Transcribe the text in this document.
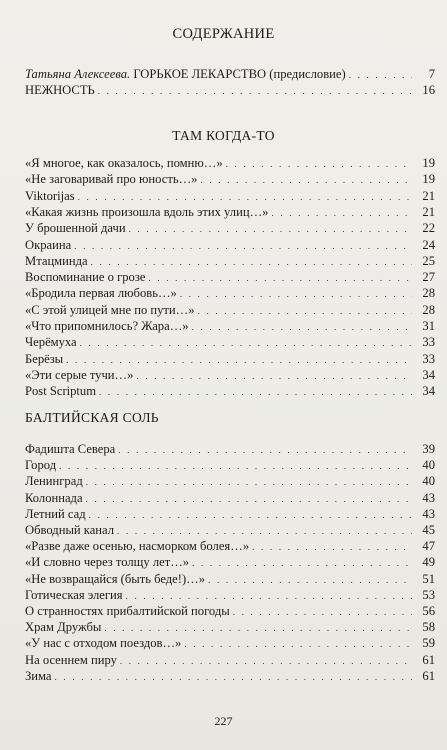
СОДЕРЖАНИЕ
Татьяна Алексеева. ГОРЬКОЕ ЛЕКАРСТВО (предисловие) . . .	7
НЕЖНОСТЬ . . .	16
ТАМ КОГДА-ТО
«Я многое, как оказалось, помню…» . . .	19
«Не заговаривай про юность…» . . .	19
Viktorijas . . .	21
«Какая жизнь произошла вдоль этих улиц…» . . .	21
У брошенной дачи . . .	22
Окраина . . .	24
Мтацминда . . .	25
Воспоминание о грозе . . .	27
«Бродила первая любовь…» . . .	28
«С этой улицей мне по пути…» . . .	28
«Что припомнилось? Жара…» . . .	31
Черёмуха . . .	33
Берёзы . . .	33
«Эти серые тучи…» . . .	34
Post Scriptum . . .	34
БАЛТИЙСКАЯ СОЛЬ
Фадишта Севера . . .	39
Город . . .	40
Ленинград . . .	40
Колоннада . . .	43
Летний сад . . .	43
Обводный канал . . .	45
«Разве даже осенью, насморком болея…» . . .	47
«И словно через толщу лет…» . . .	49
«Не возвращайся (быть беде!)…» . . .	51
Готическая элегия . . .	53
О странностях прибалтийской погоды . . .	56
Храм Дружбы . . .	58
«У нас с отходом поездов…» . . .	59
На осеннем пиру . . .	61
Зима . . .	61
227
